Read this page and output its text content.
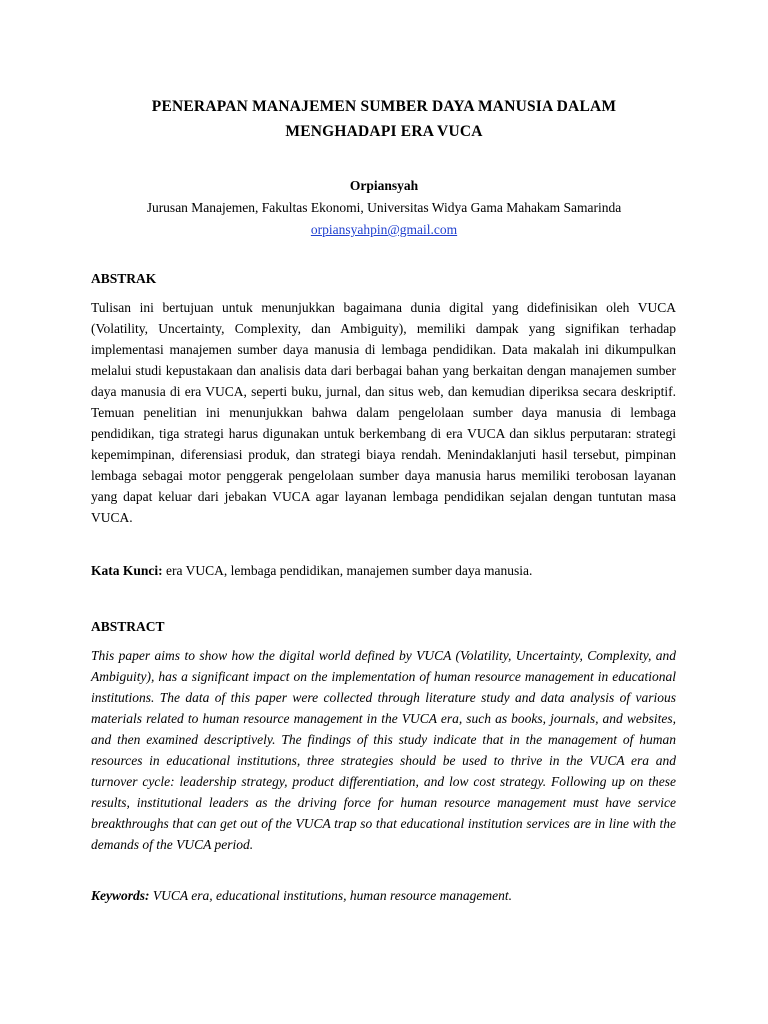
PENERAPAN MANAJEMEN SUMBER DAYA MANUSIA DALAM
MENGHADAPI ERA VUCA
Orpiansyah
Jurusan Manajemen, Fakultas Ekonomi, Universitas Widya Gama Mahakam Samarinda
orpiansyahpin@gmail.com
ABSTRAK
Tulisan ini bertujuan untuk menunjukkan bagaimana dunia digital yang didefinisikan oleh VUCA (Volatility, Uncertainty, Complexity, dan Ambiguity), memiliki dampak yang signifikan terhadap implementasi manajemen sumber daya manusia di lembaga pendidikan. Data makalah ini dikumpulkan melalui studi kepustakaan dan analisis data dari berbagai bahan yang berkaitan dengan manajemen sumber daya manusia di era VUCA, seperti buku, jurnal, dan situs web, dan kemudian diperiksa secara deskriptif. Temuan penelitian ini menunjukkan bahwa dalam pengelolaan sumber daya manusia di lembaga pendidikan, tiga strategi harus digunakan untuk berkembang di era VUCA dan siklus perputaran: strategi kepemimpinan, diferensiasi produk, dan strategi biaya rendah. Menindaklanjuti hasil tersebut, pimpinan lembaga sebagai motor penggerak pengelolaan sumber daya manusia harus memiliki terobosan layanan yang dapat keluar dari jebakan VUCA agar layanan lembaga pendidikan sejalan dengan tuntutan masa VUCA.
Kata Kunci: era VUCA, lembaga pendidikan, manajemen sumber daya manusia.
ABSTRACT
This paper aims to show how the digital world defined by VUCA (Volatility, Uncertainty, Complexity, and Ambiguity), has a significant impact on the implementation of human resource management in educational institutions. The data of this paper were collected through literature study and data analysis of various materials related to human resource management in the VUCA era, such as books, journals, and websites, and then examined descriptively. The findings of this study indicate that in the management of human resources in educational institutions, three strategies should be used to thrive in the VUCA era and turnover cycle: leadership strategy, product differentiation, and low cost strategy. Following up on these results, institutional leaders as the driving force for human resource management must have service breakthroughs that can get out of the VUCA trap so that educational institution services are in line with the demands of the VUCA period.
Keywords: VUCA era, educational institutions, human resource management.
